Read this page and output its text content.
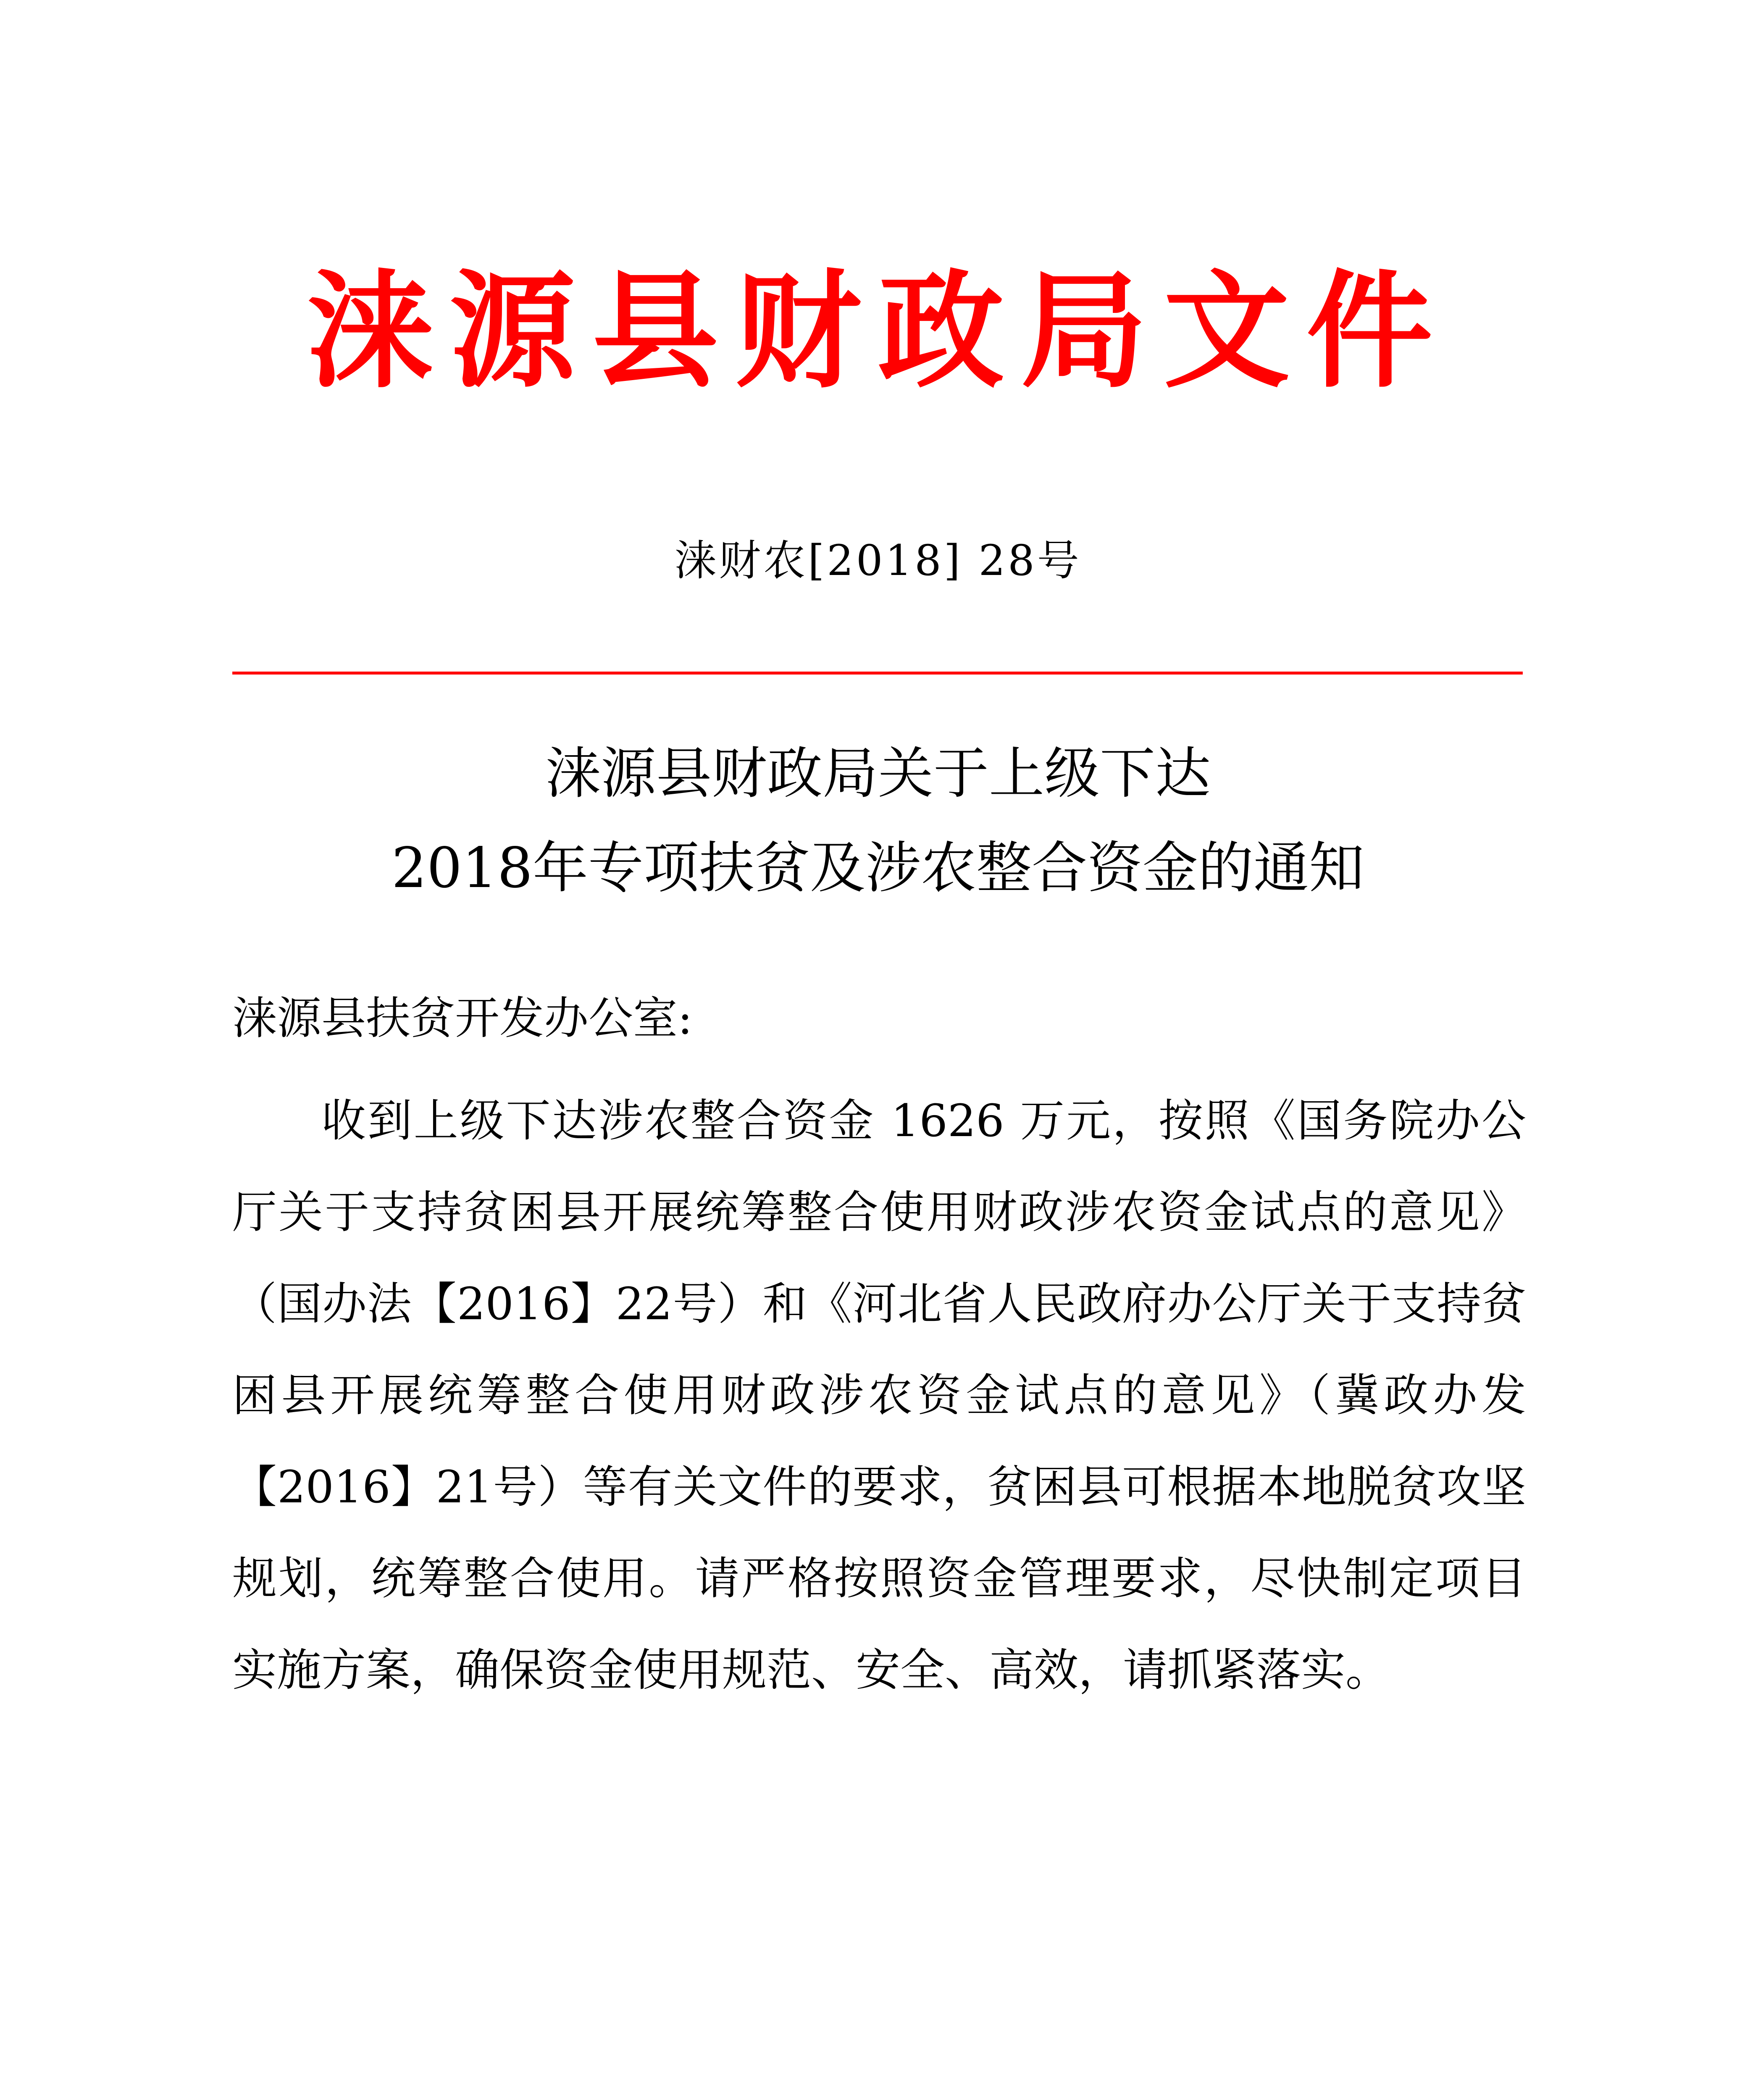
涞源县财政局文件
涞财农[2018] 28号
涞源县财政局关于上级下达
2018年专项扶贫及涉农整合资金的通知
涞源县扶贫开发办公室:
收到上级下达涉农整合资金 1626 万元，按照《国务院办公
厅关于支持贫困县开展统筹整合使用财政涉农资金试点的意见》
（国办法【2016】22号）和《河北省人民政府办公厅关于支持贫
困县开展统筹整合使用财政涉农资金试点的意见》（冀政办发
【2016】21号）等有关文件的要求，贫困县可根据本地脱贫攻坚
规划，统筹整合使用。请严格按照资金管理要求，尽快制定项目
实施方案，确保资金使用规范、安全、高效，请抓紧落实。
